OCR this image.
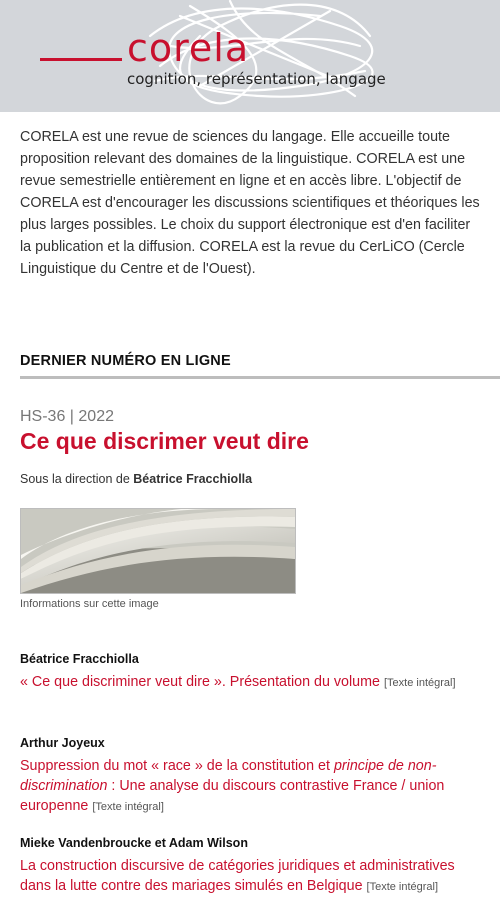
corela
cognition, représentation, langage

CORELA est une revue de sciences du langage. Elle accueille toute proposition relevant des domaines de la linguistique. CORELA est une revue semestrielle entièrement en ligne et en accès libre. L'objectif de CORELA est d'encourager les discussions scientifiques et théoriques les plus larges possibles. Le choix du support électronique est d'en faciliter la publication et la diffusion. CORELA est la revue du CerLiCO (Cercle Linguistique du Centre et de l'Ouest).

DERNIER NUMÉRO EN LIGNE
HS-36 | 2022
Ce que discrimer veut dire
Sous la direction de Béatrice Fracchiolla
Informations sur cette image
Béatrice Fracchiolla
« Ce que discriminer veut dire ». Présentation du volume [Texte intégral]
Arthur Joyeux
Suppression du mot « race » de la constitution et principe de non-discrimination : Une analyse du discours contrastive France / union europenne [Texte intégral]
Mieke Vandenbroucke et Adam Wilson
La construction discursive de catégories juridiques et administratives dans la lutte contre des mariages simulés en Belgique [Texte intégral]
